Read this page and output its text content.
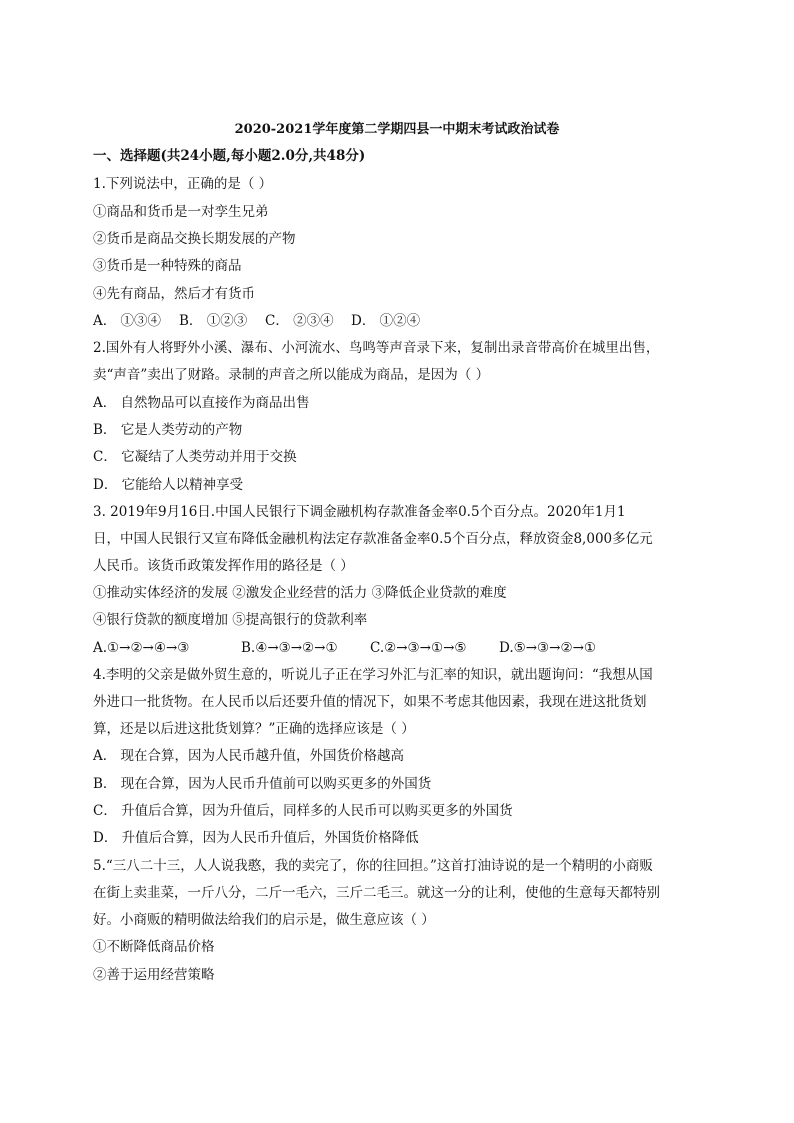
2020-2021学年度第二学期四县一中期末考试政治试卷
一、选择题(共24小题,每小题2.0分,共48分)
1.下列说法中，正确的是（ ）
①商品和货币是一对孪生兄弟
②货币是商品交换长期发展的产物
③货币是一种特殊的商品
④先有商品，然后才有货币
A． ①③④ B． ①②③ C． ②③④ D． ①②④
2.国外有人将野外小溪、瀑布、小河流水、鸟鸣等声音录下来，复制出录音带高价在城里出售，
卖“声音”卖出了财路。录制的声音之所以能成为商品，是因为（ ）
A． 自然物品可以直接作为商品出售
B． 它是人类劳动的产物
C． 它凝结了人类劳动并用于交换
D． 它能给人以精神享受
3. 2019年9月16日.中国人民银行下调金融机构存款准备金率0.5个百分点。2020年1月1
日，中国人民银行又宣布降低金融机构法定存款准备金率0.5个百分点，释放资金8,000多亿元
人民币。该货币政策发挥作用的路径是（ ）
①推动实体经济的发展 ②激发企业经营的活力 ③降低企业贷款的难度
④银行贷款的额度增加 ⑤提高银行的贷款利率
A.①→②→④→③	B.④→③→②→① C.②→③→①→⑤ D.⑤→③→②→①
4.李明的父亲是做外贸生意的，听说儿子正在学习外汇与汇率的知识，就出题询问：“我想从国
外进口一批货物。在人民币以后还要升值的情况下，如果不考虑其他因素，我现在进这批货划
算，还是以后进这批货划算？”正确的选择应该是（ ）
A． 现在合算，因为人民币越升值，外国货价格越高
B． 现在合算，因为人民币升值前可以购买更多的外国货
C． 升值后合算，因为升值后，同样多的人民币可以购买更多的外国货
D． 升值后合算，因为人民币升值后，外国货价格降低
5.“三八二十三，人人说我憨，我的卖完了，你的往回担。”这首打油诗说的是一个精明的小商贩
在街上卖韭菜，一斤八分，二斤一毛六，三斤二毛三。就这一分的让利，使他的生意每天都特别
好。小商贩的精明做法给我们的启示是，做生意应该（ ）
①不断降低商品价格
②善于运用经营策略
